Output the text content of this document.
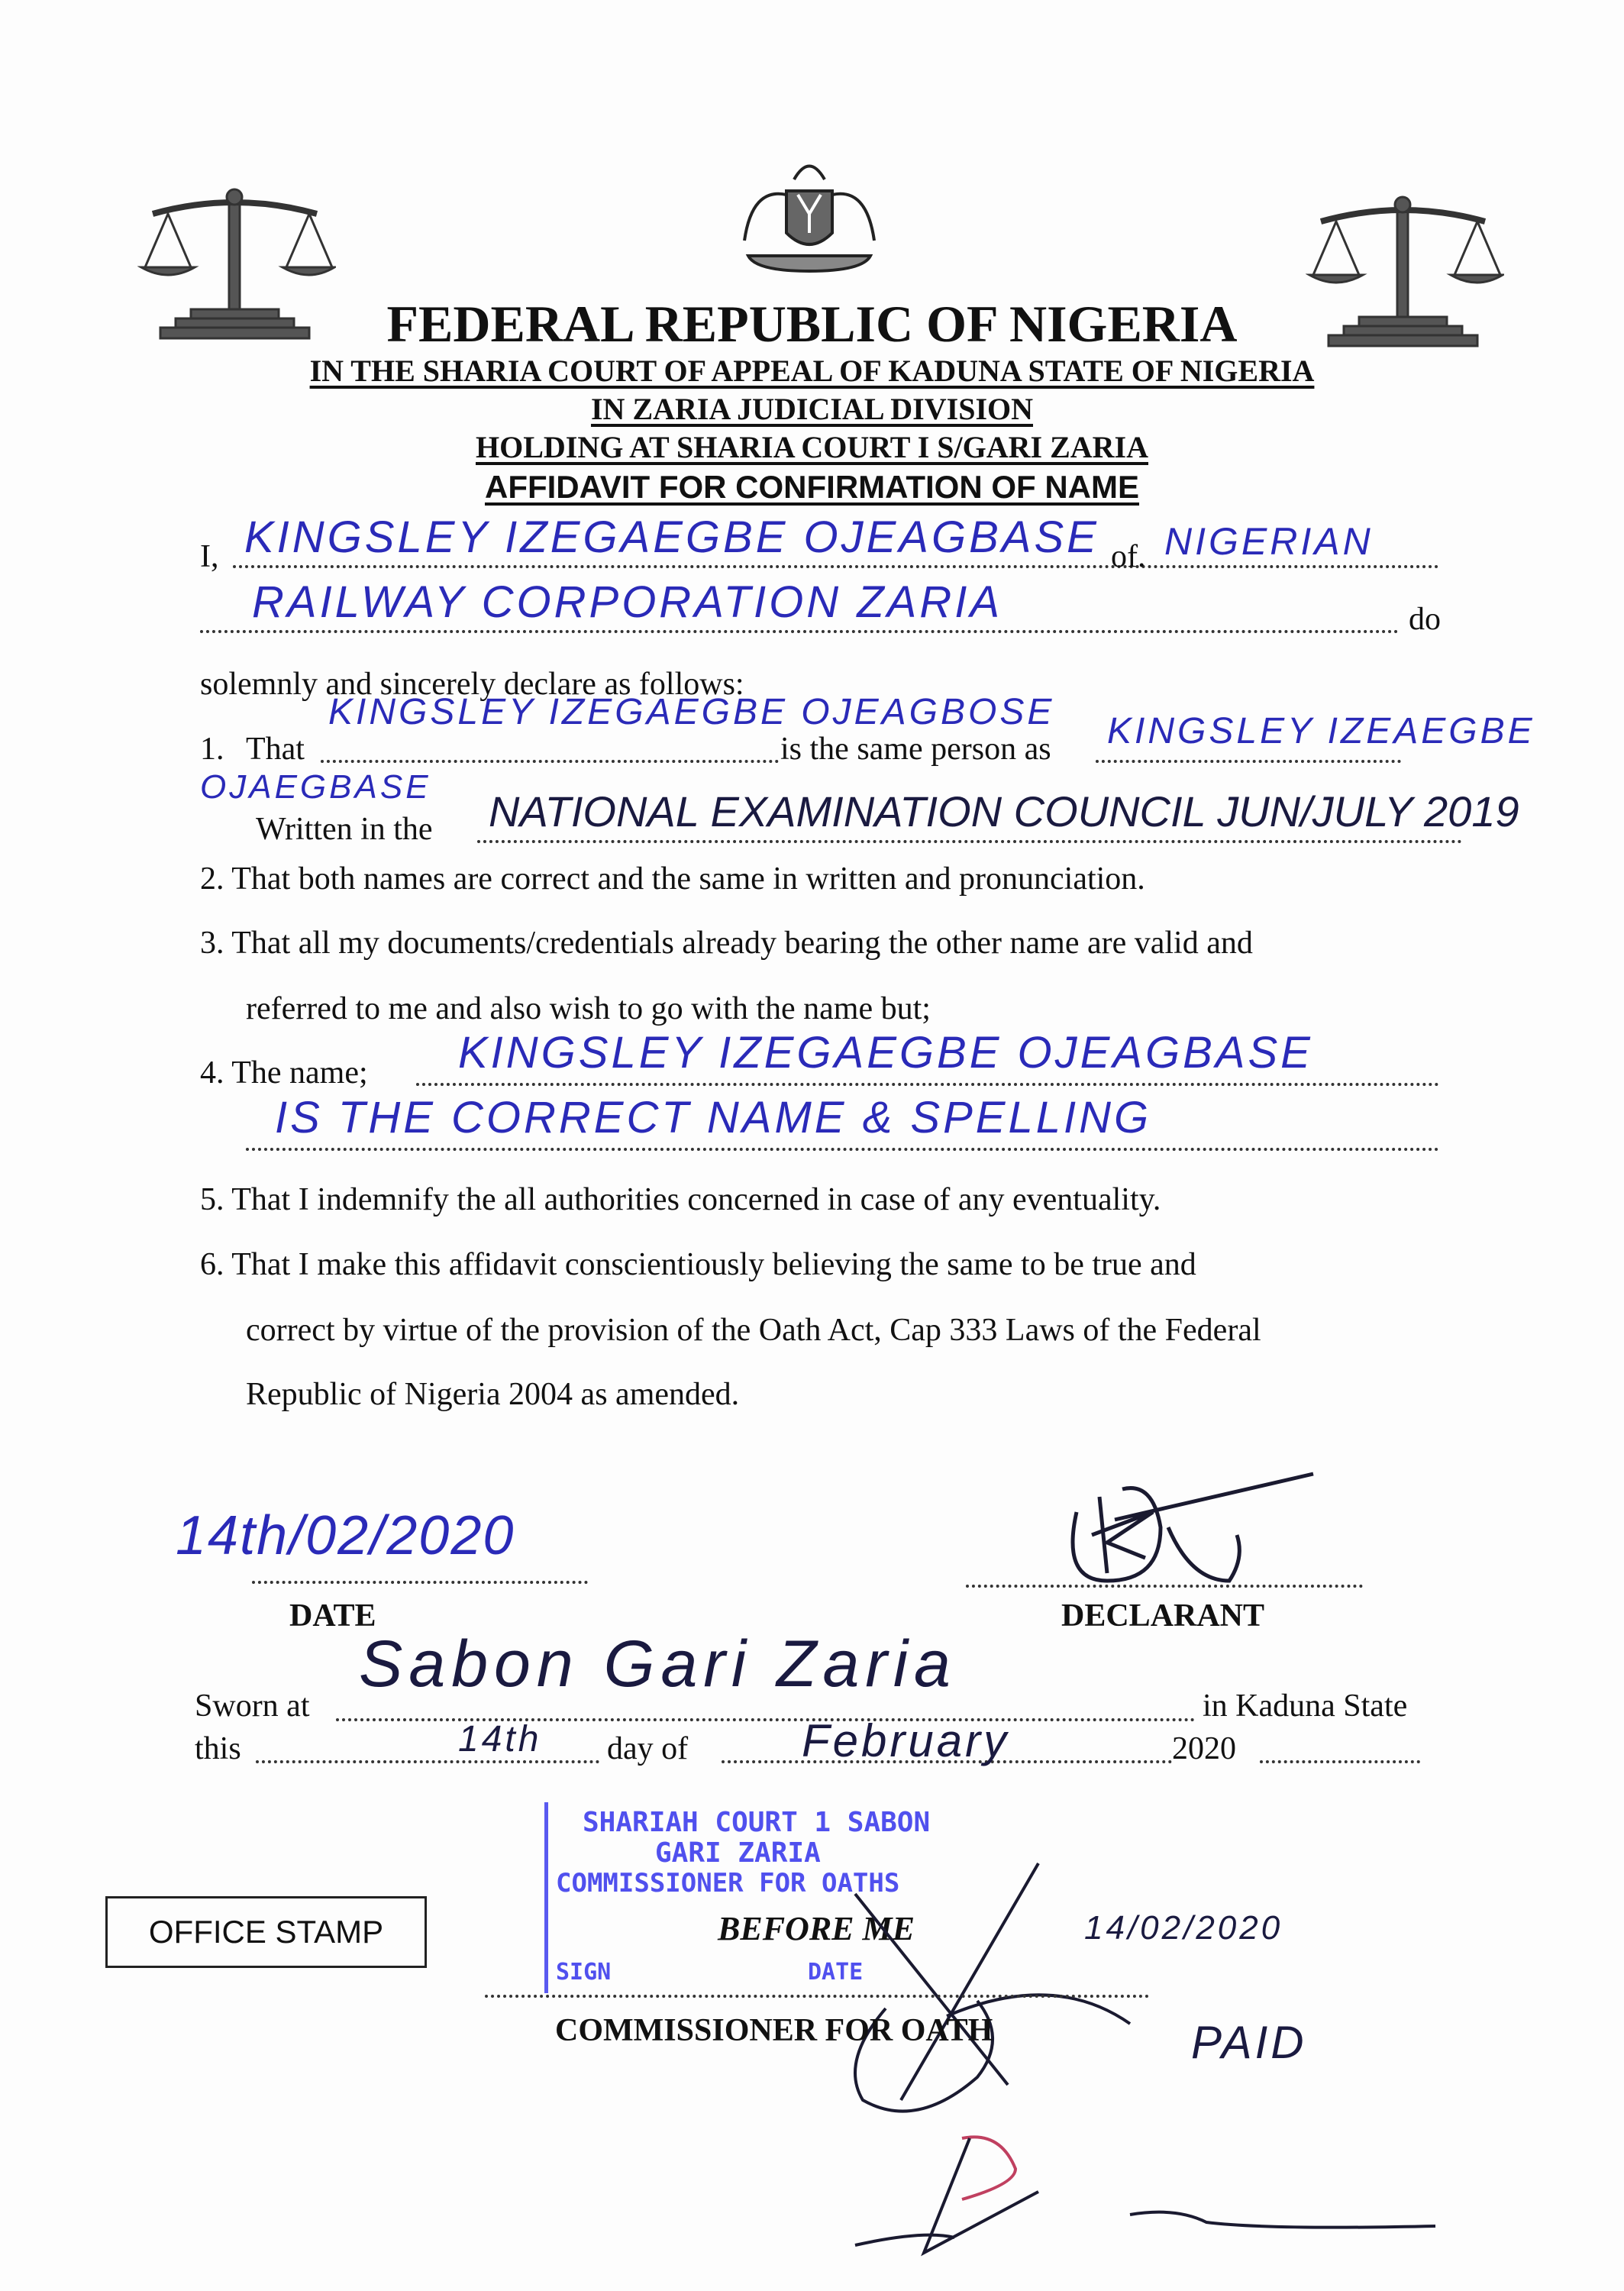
FEDERAL REPUBLIC OF NIGERIA
IN THE SHARIA COURT OF APPEAL OF KADUNA STATE OF NIGERIA
IN ZARIA JUDICIAL DIVISION
HOLDING AT SHARIA COURT I S/GARI ZARIA
AFFIDAVIT FOR CONFIRMATION OF NAME
I, KINGSLEY IZEGAEGBE OJEAGBASE of. NIGERIAN
RAILWAY CORPORATION ZARIA	do
solemnly and sincerely declare as follows:
1. That
KINGSLEY IZEGAEGBE OJEAGBOSE
is the same person as KINGSLEY IZEAEGBE
OJAEGBASE
Written in the NATIONAL EXAMINATION COUNCIL JUN/JULY 2019
2. That both names are correct and the same in written and pronunciation.
3. That all my documents/credentials already bearing the other name are valid and
referred to me and also wish to go with the name but;
4. The name; KINGSLEY IZEGAEGBE OJEAGBASE
IS THE CORRECT NAME & SPELLING
5. That I indemnify the all authorities concerned in case of any eventuality.
6. That I make this affidavit conscientiously believing the same to be true and
correct by virtue of the provision of the Oath Act, Cap 333 Laws of the Federal
Republic of Nigeria 2004 as amended.
14th/02/2020
DATE	DECLARANT
Sworn at
Sabon Gari Zaria
in Kaduna State
this	14th day of February	2020
SHARIAH COURT 1 SABON
GARI ZARIA
COMMISSIONER FOR OATHS
SIGN	DATE
BEFORE ME	14/02/2020
PAID
OFFICE STAMP
COMMISSIONER FOR OATH
